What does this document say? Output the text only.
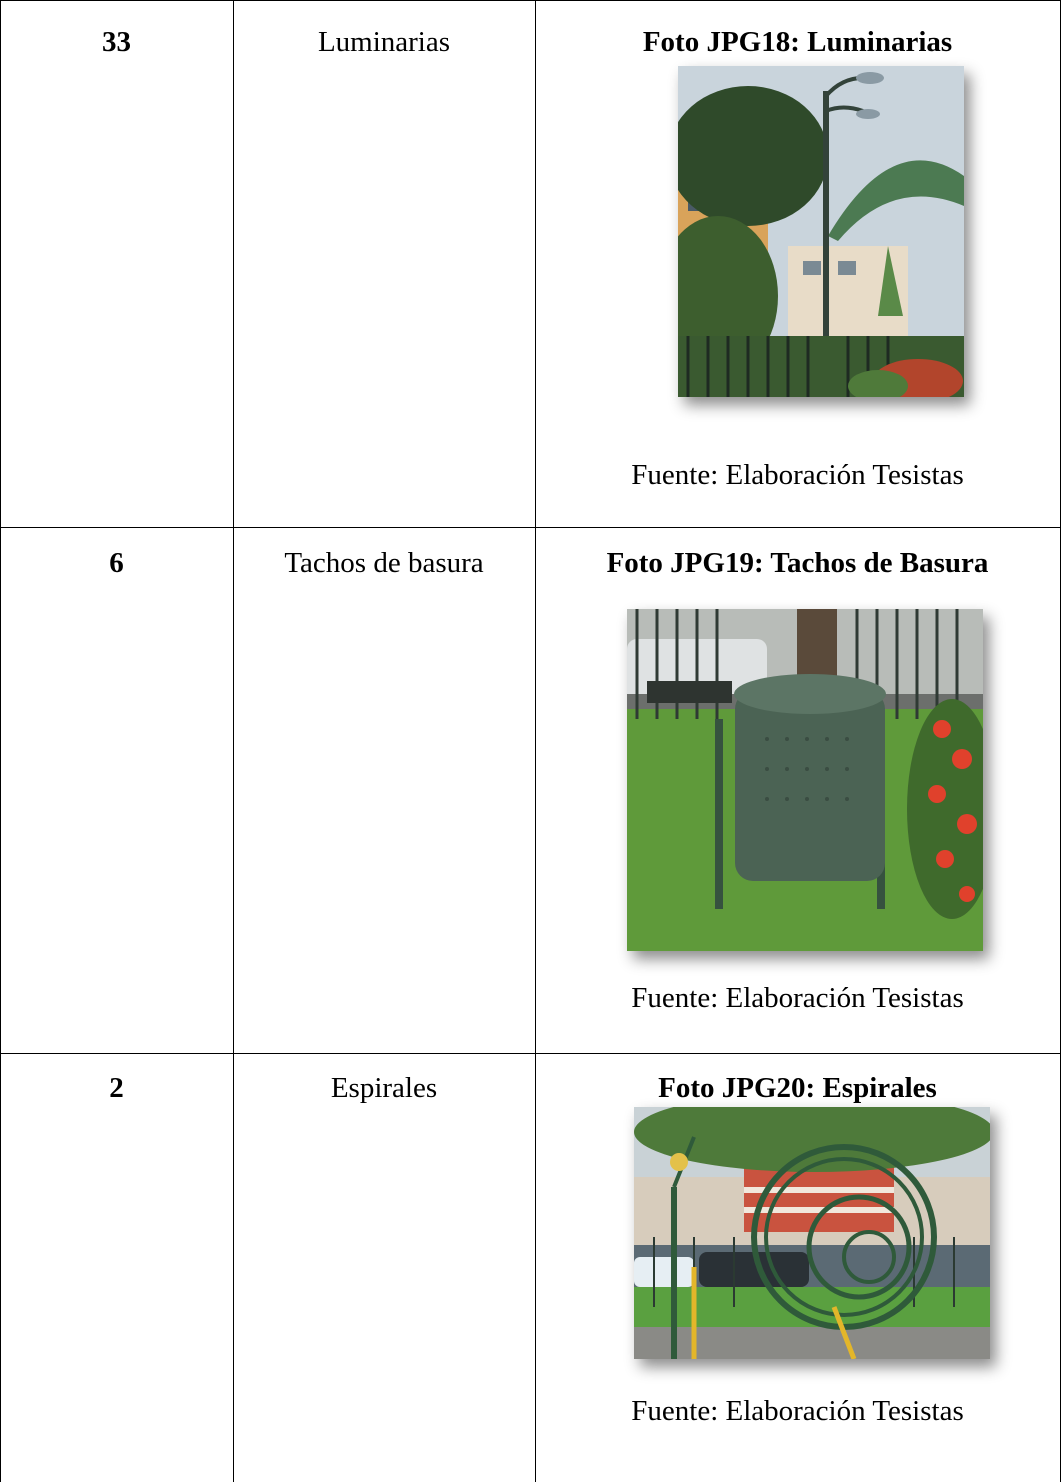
33	Luminarias	Foto JPG18: Luminarias
Fuente: Elaboración Tesistas
6	Tachos de basura	Foto JPG19: Tachos de Basura
Fuente: Elaboración Tesistas
2	Espirales	Foto JPG20: Espirales
Fuente: Elaboración Tesistas
